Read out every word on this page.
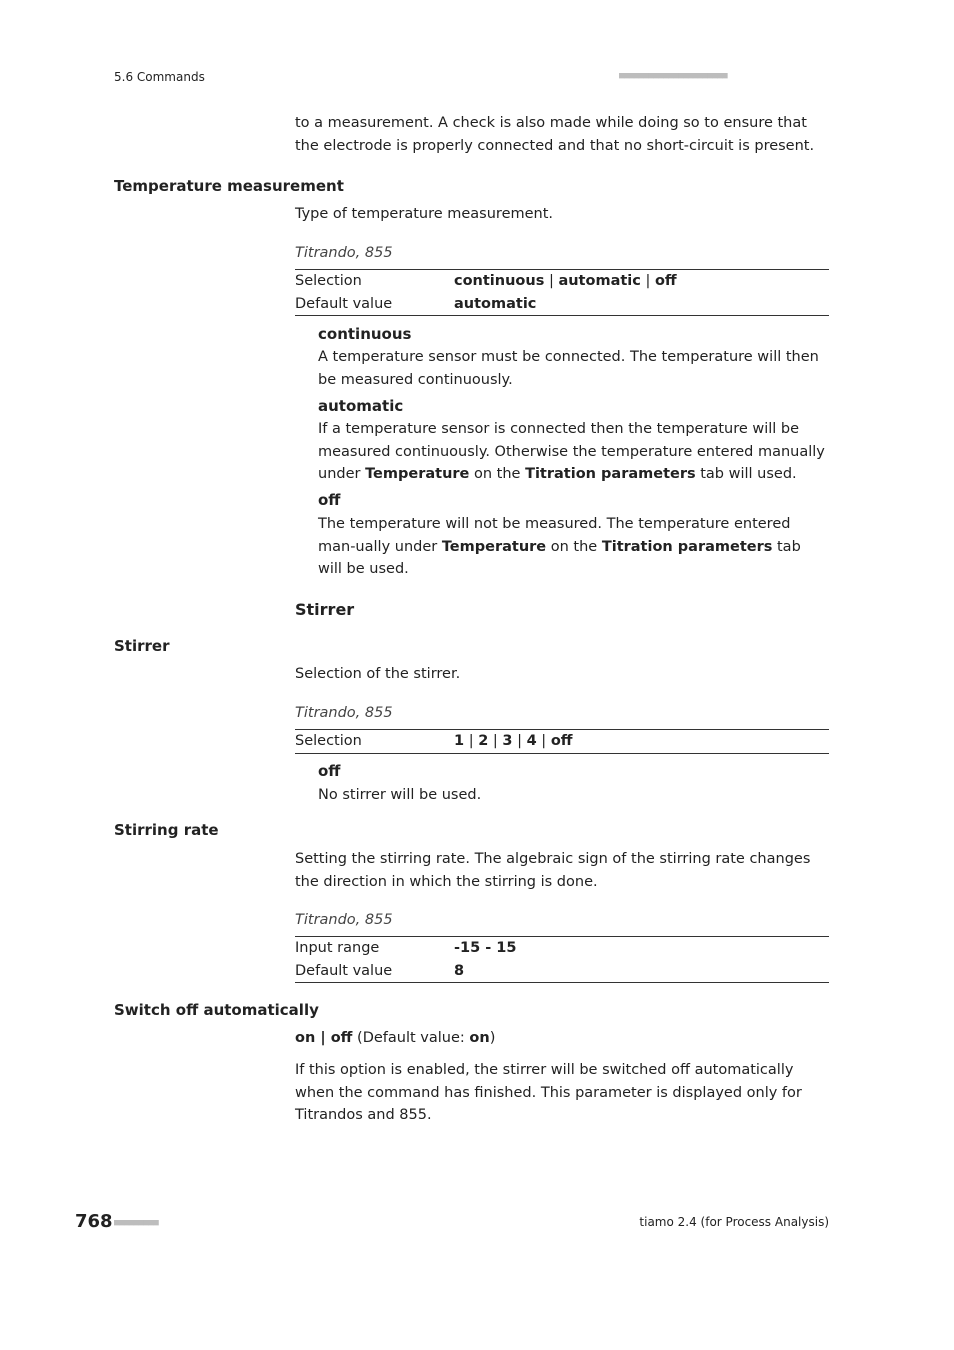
5.6 Commands	■■■■■■■■■■■■■■■■■■■■■■
to a measurement. A check is also made while doing so to ensure that the electrode is properly connected and that no short-circuit is present.
Temperature measurement
Type of temperature measurement.
Titrando, 855
Selection	continuous | automatic | off
Default value	automatic
continuous
A temperature sensor must be connected. The temperature will then be measured continuously.
automatic
If a temperature sensor is connected then the temperature will be measured continuously. Otherwise the temperature entered manually under Temperature on the Titration parameters tab will used.
off
The temperature will not be measured. The temperature entered man-ually under Temperature on the Titration parameters tab will be used.
Stirrer
Stirrer
Selection of the stirrer.
Titrando, 855
Selection	1 | 2 | 3 | 4 | off
off
No stirrer will be used.
Stirring rate
Setting the stirring rate. The algebraic sign of the stirring rate changes the direction in which the stirring is done.
Titrando, 855
Input range	-15 - 15
Default value	8
Switch off automatically
on | off (Default value: on)
If this option is enabled, the stirrer will be switched off automatically when the command has finished. This parameter is displayed only for Titrandos and 855.
768 ■■■■■■■■■	tiamo 2.4 (for Process Analysis)
